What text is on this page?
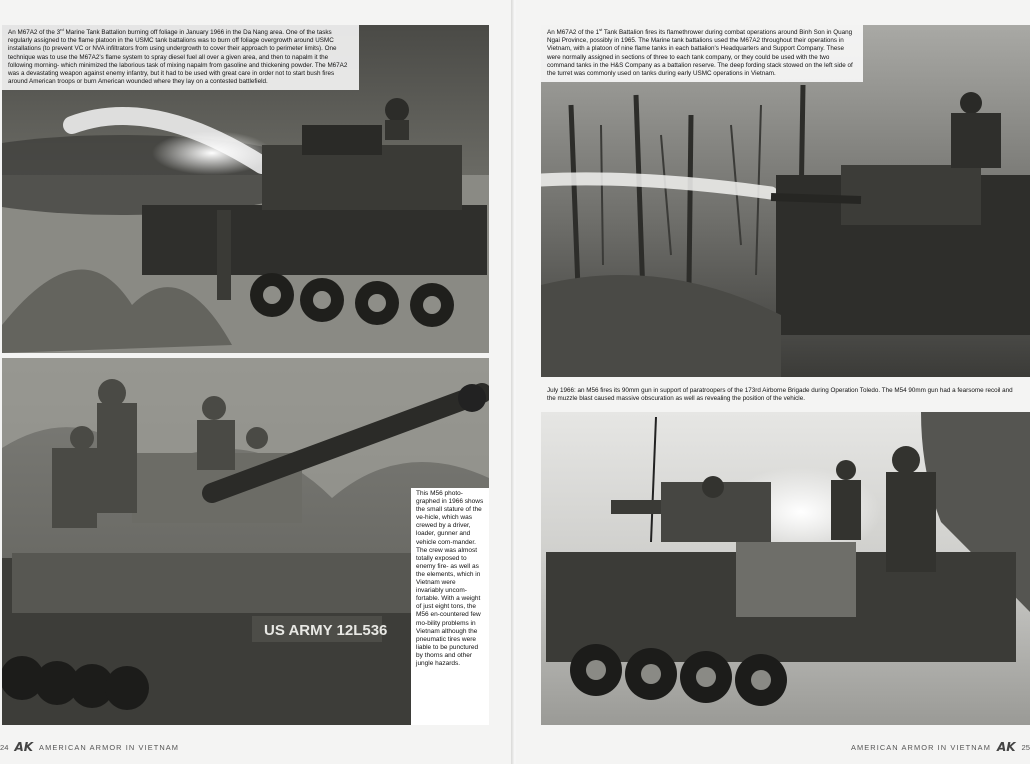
An M67A2 of the 3rd Marine Tank Battalion burning off foliage in January 1966 in the Da Nang area. One of the tasks regularly assigned to the flame platoon in the USMC tank battalions was to burn off foliage overgrowth around USMC installations (to prevent VC or NVA infiltrators from using undergrowth to cover their approach to perimeter limits). One technique was to use the M67A2's flame system to spray diesel fuel all over a given area, and then to napalm it the following morning- which minimized the laborious task of mixing napalm from gasoline and thickening powder. The M67A2 was a devastating weapon against enemy infantry, but it had to be used with great care in order not to start bush fires around American troops or burn American wounded where they lay on a contested battlefield.
US ARMY 12L536
This M56 photo-graphed in 1966 shows the small stature of the ve-hicle, which was crewed by a driver, loader, gunner and vehicle com-mander. The crew was almost totally exposed to enemy fire- as well as the elements, which in Vietnam were invariably uncom-fortable. With a weight of just eight tons, the M56 en-countered few mo-bility problems in Vietnam although the pneumatic tires were liable to be punctured by thorns and other jungle hazards.
24 AK AMERICAN ARMOR IN VIETNAM
An M67A2 of the 1st Tank Battalion fires its flamethrower during combat operations around Binh Son in Quang Ngai Province, possibly in 1965. The Marine tank battalions used the M67A2 throughout their operations in Vietnam, with a platoon of nine flame tanks in each battalion's Headquarters and Support Company. These were normally assigned in sections of three to each tank company, or they could be used with the two command tanks in the H&S Company as a battalion reserve. The deep fording stack stowed on the left side of the turret was commonly used on tanks during early USMC operations in Vietnam.
July 1966: an M56 fires its 90mm gun in support of paratroopers of the 173rd Airborne Brigade during Operation Toledo. The M54 90mm gun had a fearsome recoil and the muzzle blast caused massive obscuration as well as revealing the position of the vehicle.
AMERICAN ARMOR IN VIETNAM AK 25
